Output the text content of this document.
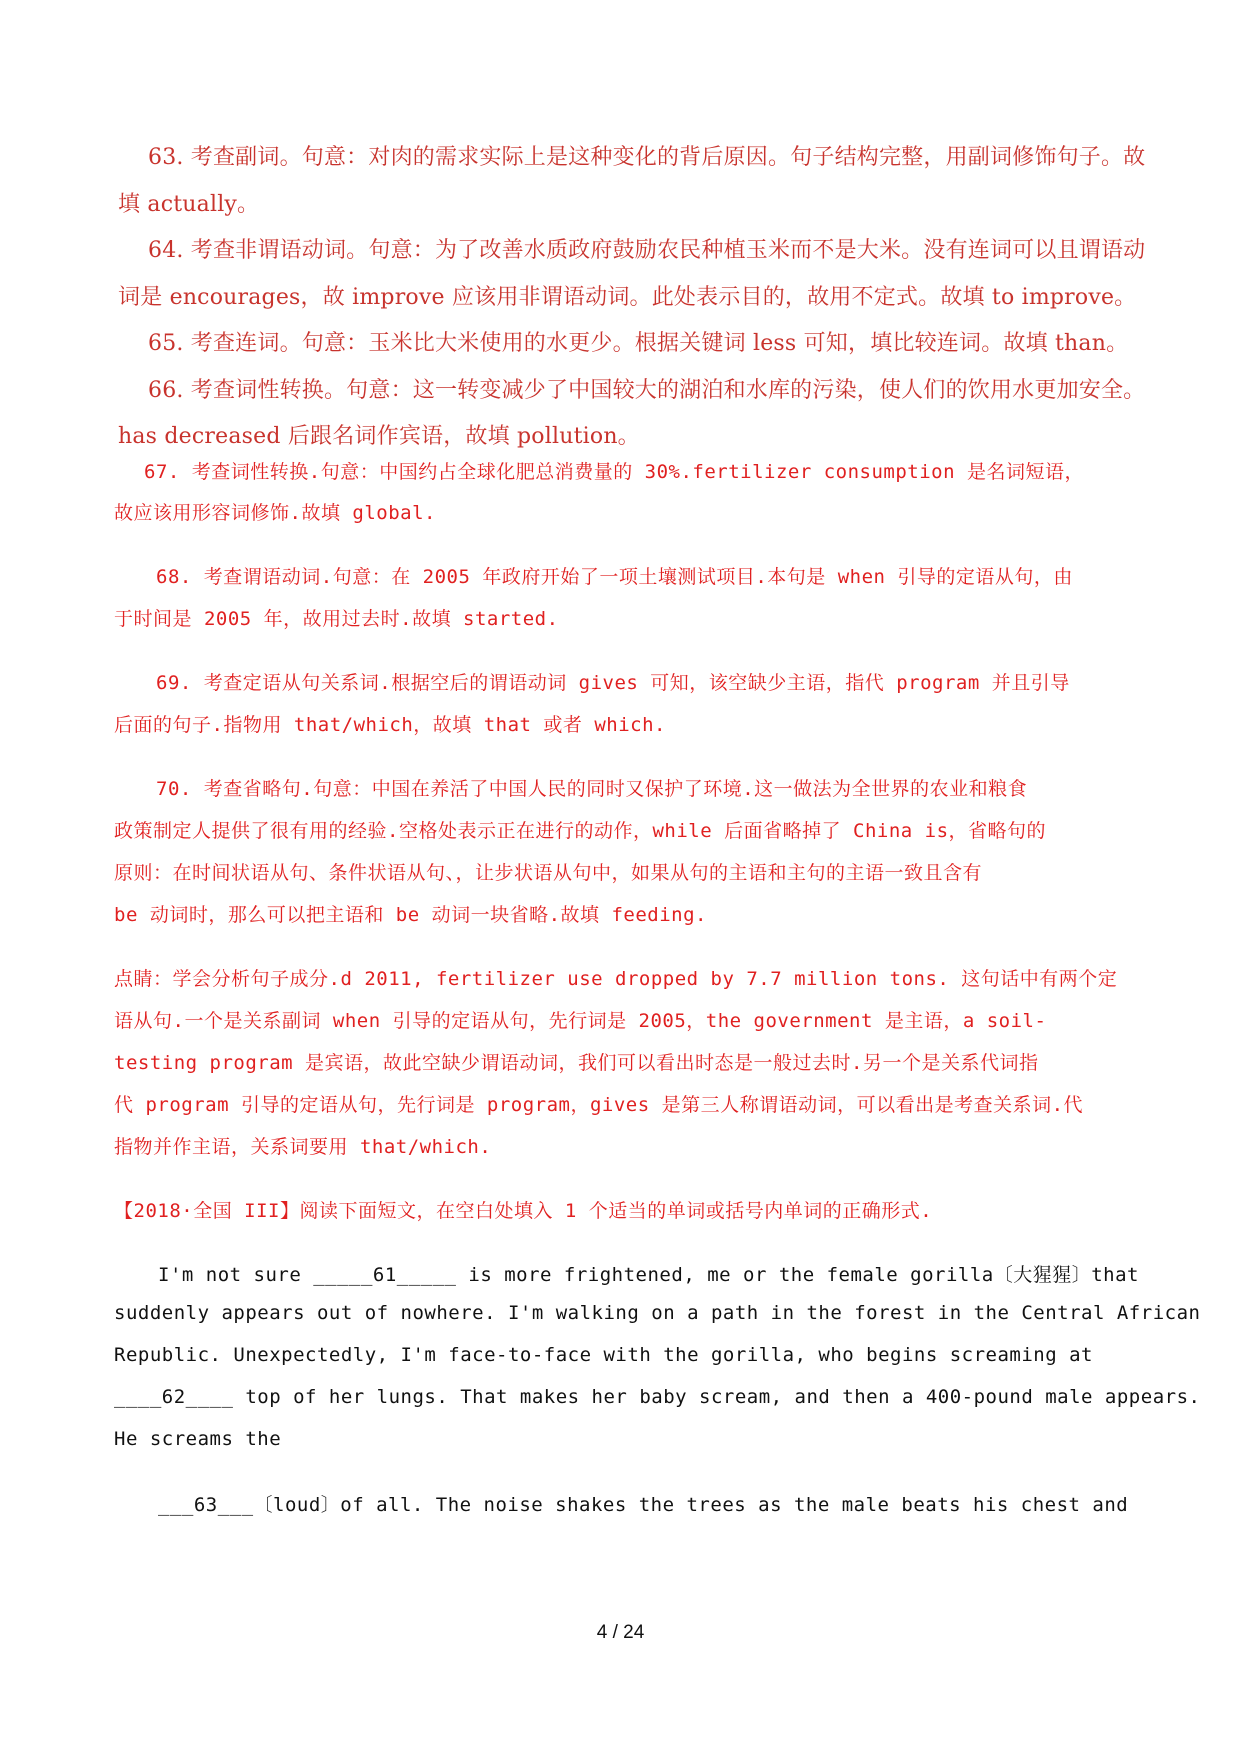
63. 考查副词。句意：对肉的需求实际上是这种变化的背后原因。句子结构完整，用副词修饰句子。故
填 actually。
64. 考查非谓语动词。句意：为了改善水质政府鼓励农民种植玉米而不是大米。没有连词可以且谓语动
词是 encourages，故 improve 应该用非谓语动词。此处表示目的，故用不定式。故填 to improve。
65. 考查连词。句意：玉米比大米使用的水更少。根据关键词 less 可知，填比较连词。故填 than。
66. 考查词性转换。句意：这一转变减少了中国较大的湖泊和水库的污染，使人们的饮用水更加安全。
has decreased 后跟名词作宾语，故填 pollution。
67. 考查词性转换.句意：中国约占全球化肥总消费量的 30%.fertilizer consumption 是名词短语，
故应该用形容词修饰.故填 global.
68. 考查谓语动词.句意：在 2005 年政府开始了一项土壤测试项目.本句是 when 引导的定语从句，由
于时间是 2005 年，故用过去时.故填 started.
69. 考查定语从句关系词.根据空后的谓语动词 gives 可知，该空缺少主语，指代 program 并且引导
后面的句子.指物用 that/which，故填 that 或者 which.
70. 考查省略句.句意：中国在养活了中国人民的同时又保护了环境.这一做法为全世界的农业和粮食
政策制定人提供了很有用的经验.空格处表示正在进行的动作，while 后面省略掉了 China is，省略句的
原则：在时间状语从句、条件状语从句、，让步状语从句中，如果从句的主语和主句的主语一致且含有
be 动词时，那么可以把主语和 be 动词一块省略.故填 feeding.
点睛：学会分析句子成分.d 2011, fertilizer use dropped by 7.7 million tons. 这句话中有两个定
语从句.一个是关系副词 when 引导的定语从句，先行词是 2005，the government 是主语，a soil-
testing program 是宾语，故此空缺少谓语动词，我们可以看出时态是一般过去时.另一个是关系代词指
代 program 引导的定语从句，先行词是 program，gives 是第三人称谓语动词，可以看出是考查关系词.代
指物并作主语，关系词要用 that/which.
【2018·全国 III】阅读下面短文，在空白处填入 1 个适当的单词或括号内单词的正确形式.
I'm not sure _____61_____ is more frightened, me or the female gorilla〔大猩猩〕that
suddenly appears out of nowhere. I'm walking on a path in the forest in the Central African
Republic. Unexpectedly, I'm face-to-face with the gorilla, who begins screaming at
____62____ top of her lungs. That makes her baby scream, and then a 400-pound male appears.
He screams the
___63___〔loud〕of all. The noise shakes the trees as the male beats his chest and
4 / 24
